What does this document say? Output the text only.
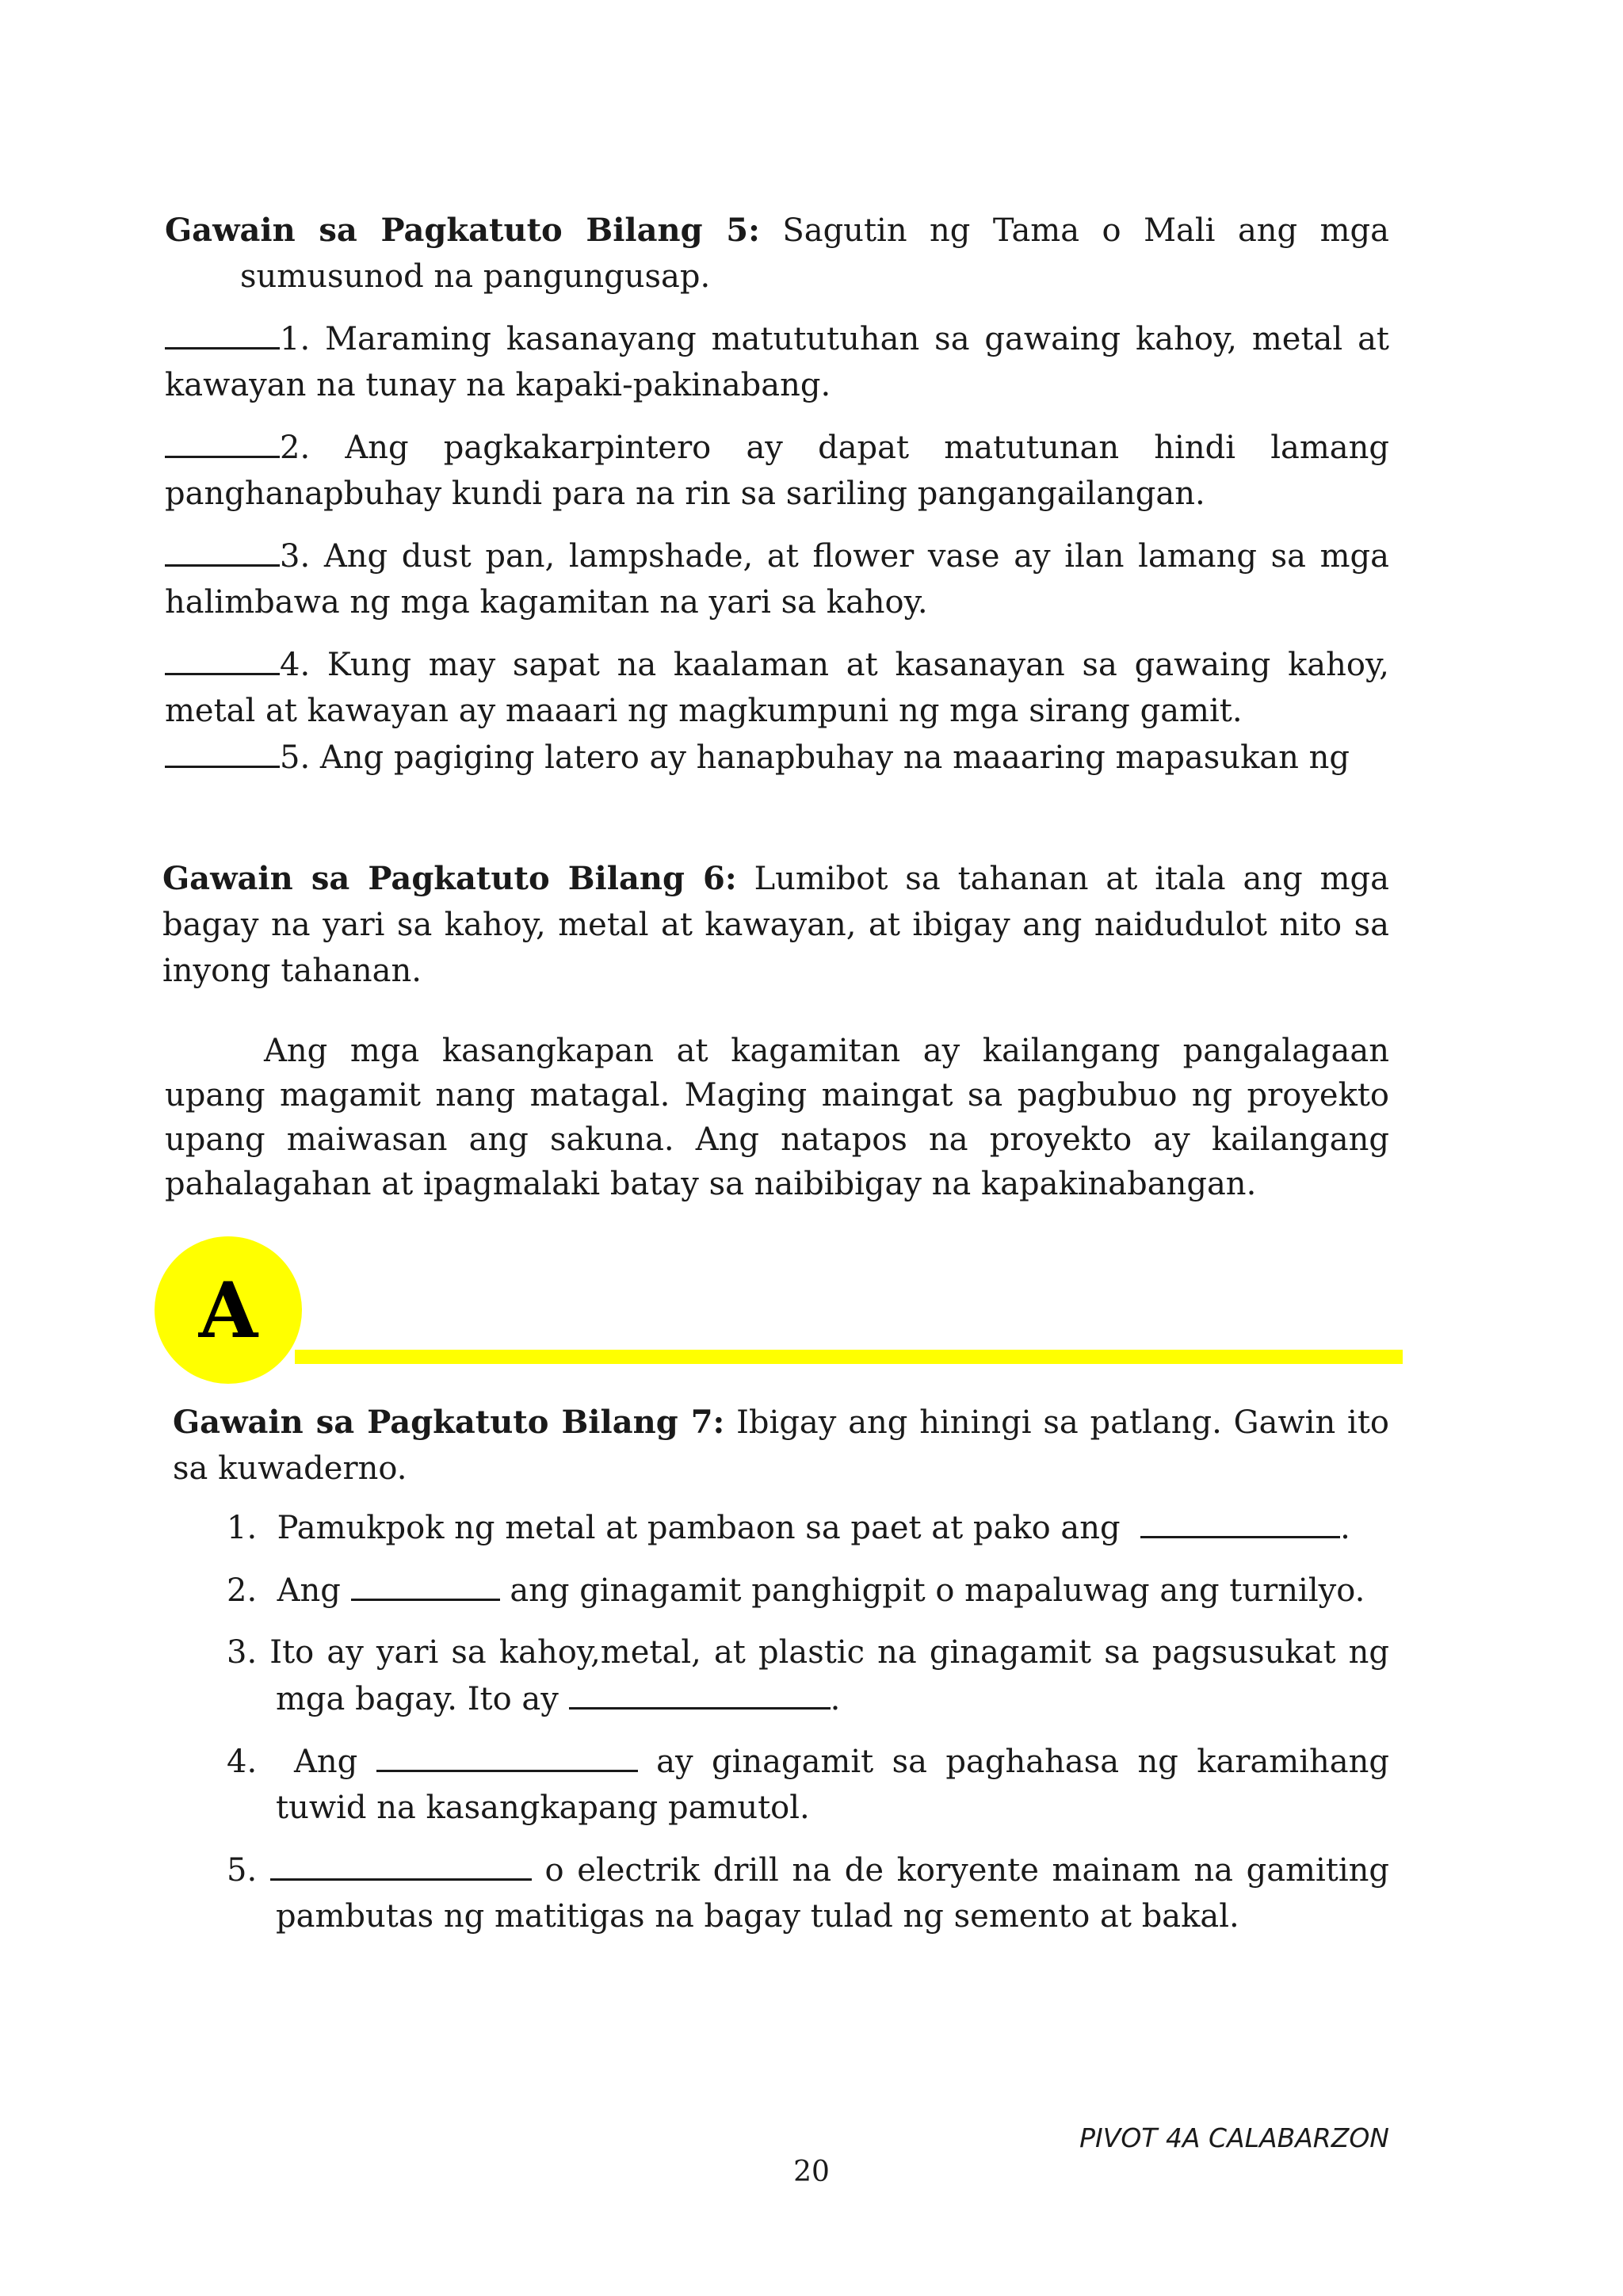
Gawain sa Pagkatuto Bilang 5: Sagutin ng Tama o Mali ang mga sumusunod na pangungusap.

1. Maraming kasanayang matututuhan sa gawaing kahoy, metal at kawayan na tunay na kapaki-pakinabang.

2. Ang pagkakarpintero ay dapat matutunan hindi lamang panghanapbuhay kundi para na rin sa sariling pangangailangan.

3. Ang dust pan, lampshade, at flower vase ay ilan lamang sa mga halimbawa ng mga kagamitan na yari sa kahoy.

4. Kung may sapat na kaalaman at kasanayan sa gawaing kahoy, metal at kawayan ay maaari ng magkumpuni ng mga sirang gamit.

5. Ang pagiging latero ay hanapbuhay na maaaring mapasukan ng

Gawain sa Pagkatuto Bilang 6: Lumibot sa tahanan at itala ang mga bagay na yari sa kahoy, metal at kawayan, at ibigay ang naidudulot nito sa inyong tahanan.

Ang mga kasangkapan at kagamitan ay kailangang pangalagaan upang magamit nang matagal. Maging maingat sa pagbubuo ng proyekto upang maiwasan ang sakuna. Ang natapos na proyekto ay kailangang pahalagahan at ipagmalaki batay sa naibibigay na kapakinabangan.

A

Gawain sa Pagkatuto Bilang 7: Ibigay ang hiningi sa patlang. Gawin ito sa kuwaderno.

1. Pamukpok ng metal at pambaon sa paet at pako ang	.
2. Ang	ang ginagamit panghigpit o mapaluwag ang turnilyo.
3. Ito ay yari sa kahoy,metal, at plastic na ginagamit sa pagsusukat ng mga bagay. Ito ay	.
4. Ang	ay ginagamit sa paghahasa ng karamihang tuwid na kasangkapang pamutol.
5.	o electrik drill na de koryente mainam na gamiting pambutas ng matitigas na bagay tulad ng semento at bakal.
PIVOT 4A CALABARZON
20
